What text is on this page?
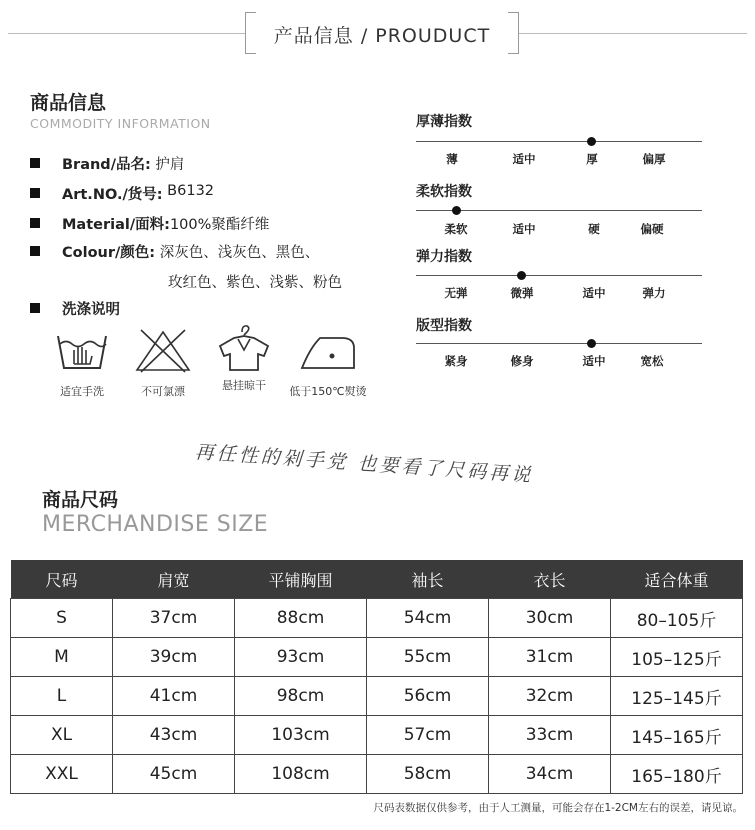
产品信息 / PROUDUCT
商品信息
COMMODITY INFORMATION
Brand/品名:
护肩
Art.NO./货号:
B6132
Material/面料: 100%聚酯纤维
Colour/颜色:
深灰色、浅灰色、黑色、
玫红色、紫色、浅紫、粉色
洗涤说明
适宜手洗	不可氯漂	悬挂晾干	低于150℃熨烫
厚薄指数
薄	适中	厚	偏厚
柔软指数
柔软	适中	硬	偏硬
弹力指数
无弹	微弹	适中	弹力
版型指数
紧身	修身	适中	宽松
再任性的剁手党 也要看了尺码再说
商品尺码
MERCHANDISE SIZE
尺码	肩宽	平铺胸围	袖长	衣长	适合体重
S	37cm	88cm	54cm	30cm	80–105斤
M	39cm	93cm	55cm	31cm	105–125斤
L	41cm	98cm	56cm	32cm	125–145斤
XL	43cm	103cm	57cm	33cm	145–165斤
XXL	45cm	108cm	58cm	34cm	165–180斤
尺码表数据仅供参考，由于人工测量，可能会存在1-2CM左右的误差，请见谅。
